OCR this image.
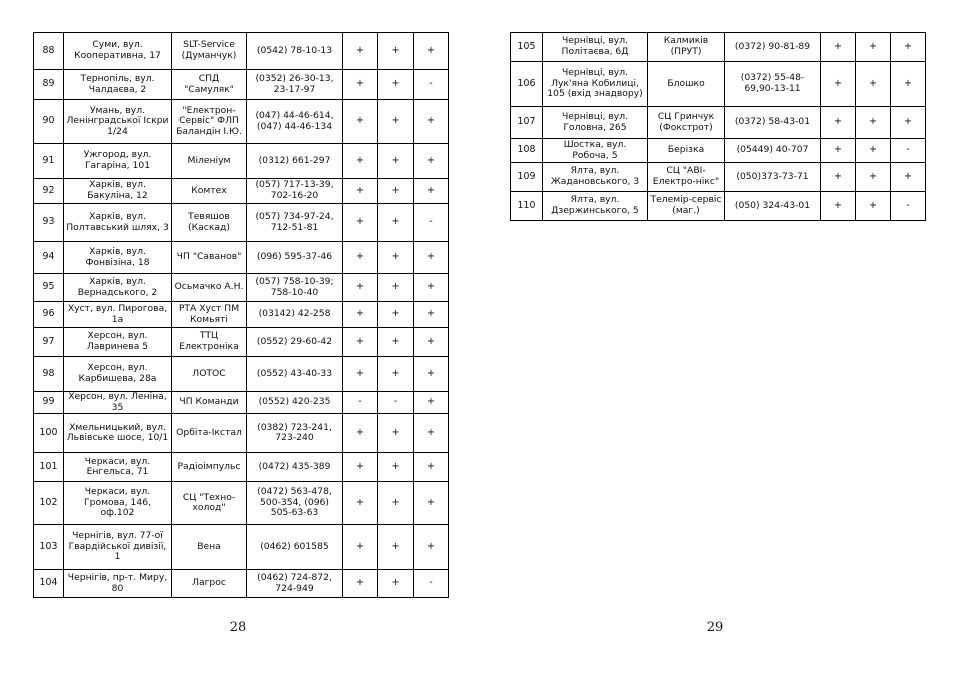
88	Суми, вул. Кооперативна, 17	SLT-Service (Думанчук)	(0542) 78-10-13	+	+	+
89	Тернопіль, вул. Чалдаєва, 2	СПД "Самуляк"	(0352) 26-30-13, 23-17-97	+	+	-
90	Умань, вул. Ленінградської Іскри 1/24	"Електрон-Сервіс" ФЛП Баландін І.Ю.	(047) 44-46-614,(047) 44-46-134	+	+	+
91	Ужгород, вул. Гагаріна, 101	Міленіум	(0312) 661-297	+	+	+
92	Харків, вул. Бакуліна, 12	Комтех	(057) 717-13-39, 702-16-20	+	+	+
93	Харків, вул. Полтавський шлях, 3	Тевяшов (Каскад)	(057) 734-97-24, 712-51-81	+	+	-
94	Харків, вул. Фонвізіна, 18	ЧП "Саванов"	(096) 595-37-46	+	+	+
95	Харків, вул. Вернадського, 2	Осьмачко А.Н.	(057) 758-10-39; 758-10-40	+	+	+
96	Хуст, вул. Пирогова, 1а	РТА Хуст ПМ Комьяті	(03142) 42-258	+	+	+
97	Херсон, вул. Лавринева 5	ТТЦ Електроніка	(0552) 29-60-42	+	+	+
98	Херсон, вул. Карбишева, 28а	ЛОТОС	(0552) 43-40-33	+	+	+
99	Херсон, вул. Леніна, 35	ЧП Команди	(0552) 420-235	-	-	+
100	Хмельницький, вул. Львівське шосе, 10/1	Орбіта-Ікстал	(0382) 723-241, 723-240	+	+	+
101	Черкаси, вул. Енгельса, 71	Радіоімпульс	(0472) 435-389	+	+	+
102	Черкаси, вул. Громова, 146, оф.102	СЦ "Техно-холод"	(0472) 563-478, 500-354, (096) 505-63-63	+	+	+
103	Чернігів, вул. 77-ої Гвардійської дивізії, 1	Вена	(0462) 601585	+	+	+
104	Чернігів, пр-т. Миру, 80	Лагрос	(0462) 724-872, 724-949	+	+	-
105	Чернівці, вул. Політаєва, 6Д	Калмиків (ПРУТ)	(0372) 90-81-89	+	+	+
106	Чернівці, вул. Лук'яна Кобилиці, 105 (вхід знадвору)	Блошко	(0372) 55-48-69,90-13-11	+	+	+
107	Чернівці, вул. Головна, 265	СЦ Гринчук (Фокстрот)	(0372) 58-43-01	+	+	+
108	Шостка, вул. Робоча, 5	Берізка	(05449) 40-707	+	+	-
109	Ялта, вул. Жадановського, 3	СЦ "АВІ-Електро-нікс"	(050)373-73-71	+	+	+
110	Ялта, вул. Дзержинського, 5	Телемір-сервіс (маг.)	(050) 324-43-01	+	+	-
28	29
